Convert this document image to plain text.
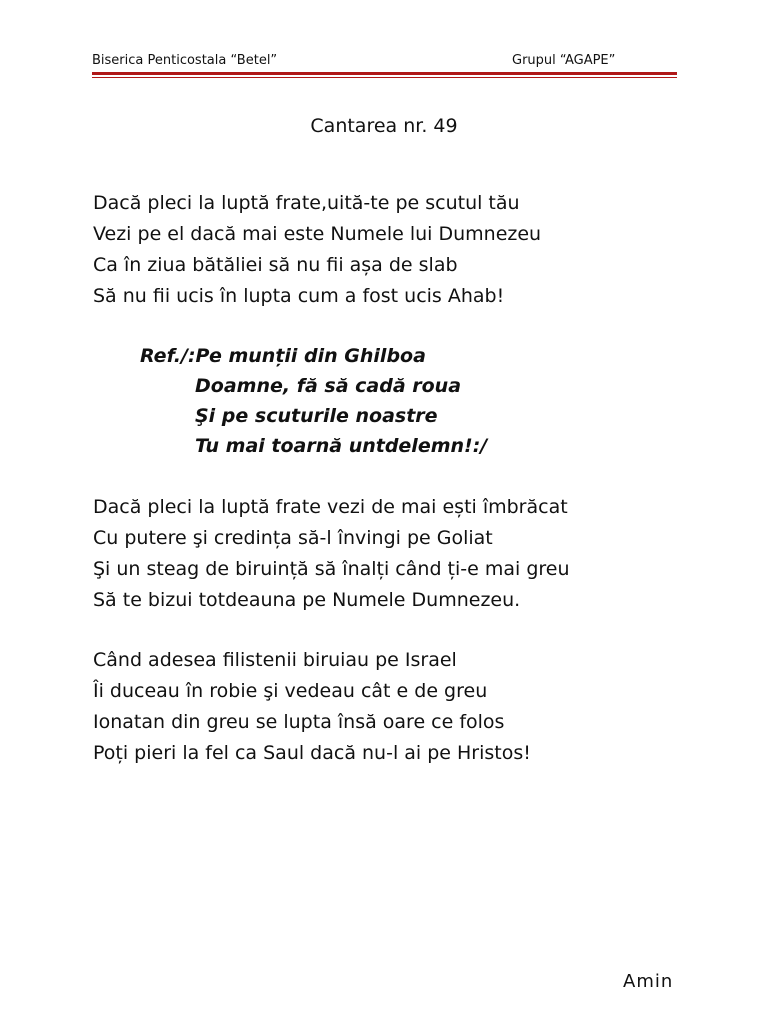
Biserica Penticostala “Betel”	Grupul “AGAPE”
Cantarea nr. 49
Dacă pleci la luptă frate,uită-te pe scutul tău
Vezi pe el dacă mai este Numele lui Dumnezeu
Ca în ziua bătăliei să nu fii așa de slab
Să nu fii ucis în lupta cum a fost ucis Ahab!
Ref./:Pe munții din Ghilboa
Doamne, fă să cadă roua
Şi pe scuturile noastre
Tu mai toarnă untdelemn!:/
Dacă pleci la luptă frate vezi de mai ești îmbrăcat
Cu putere şi credința să-l învingi pe Goliat
Şi un steag de biruință să înalți când ți-e mai greu
Să te bizui totdeauna pe Numele Dumnezeu.
Când adesea filistenii biruiau pe Israel
Îi duceau în robie şi vedeau cât e de greu
Ionatan din greu se lupta însă oare ce folos
Poți pieri la fel ca Saul dacă nu-l ai pe Hristos!
Amin
